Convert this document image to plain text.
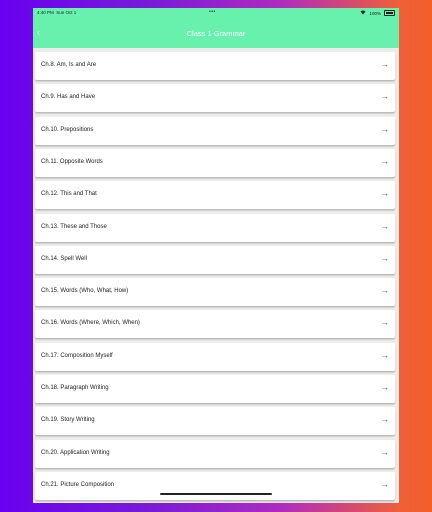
4:40 PM Sun Oct 1	•••	100%
‹	Class 1 Grammar
Ch.8. Am, Is and Are	→
Ch.9. Has and Have	→
Ch.10. Prepositions	→
Ch.11. Opposite Words	→
Ch.12. This and That	→
Ch.13. These and Those	→
Ch.14. Spell Well	→
Ch.15. Words (Who, What, How)	→
Ch.16. Words (Where, Which, When)	→
Ch.17. Composition Myself	→
Ch.18. Paragraph Writing	→
Ch.19. Story Writing	→
Ch.20. Application Writing	→
Ch.21. Picture Composition	→
